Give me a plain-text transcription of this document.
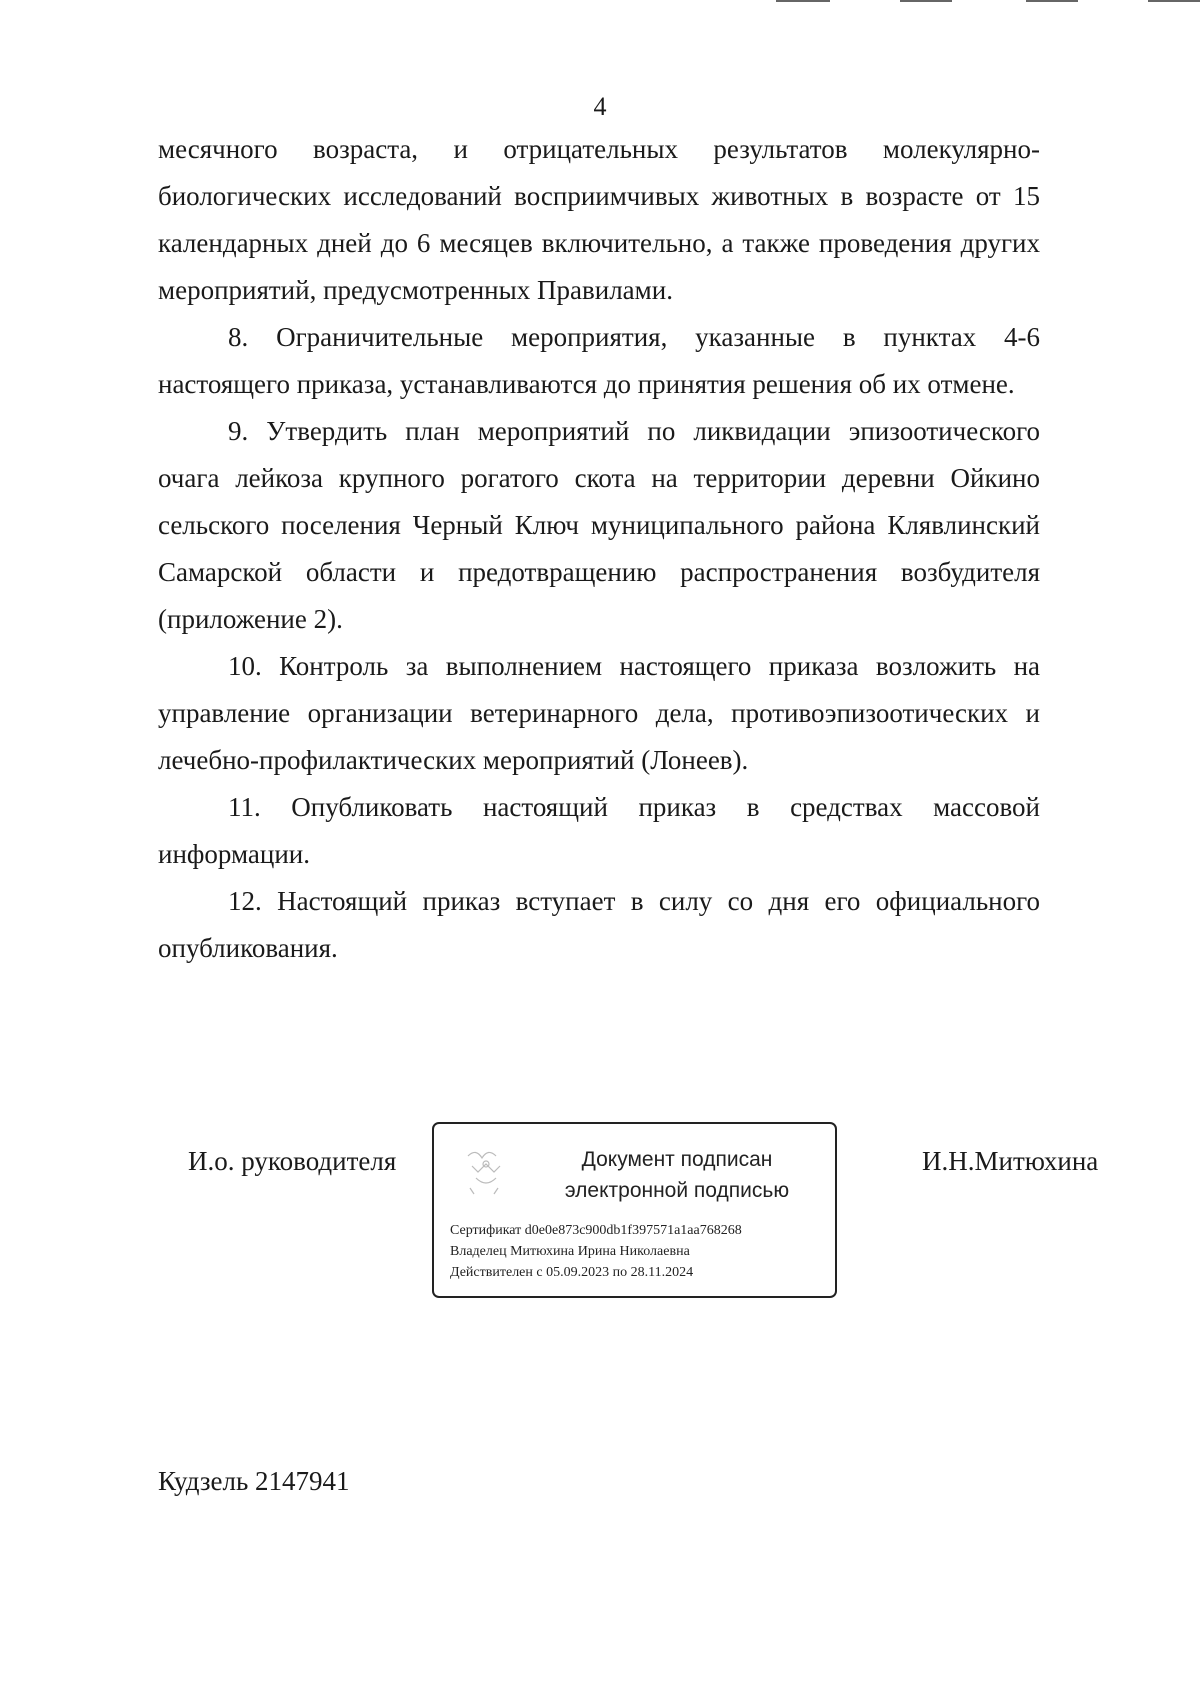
4

месячного возраста, и отрицательных результатов молекулярно-биологических исследований восприимчивых животных в возрасте от 15 календарных дней до 6 месяцев включительно, а также проведения других мероприятий, предусмотренных Правилами.

8. Ограничительные мероприятия, указанные в пунктах 4-6 настоящего приказа, устанавливаются до принятия решения об их отмене.

9. Утвердить план мероприятий по ликвидации эпизоотического очага лейкоза крупного рогатого скота на территории деревни Ойкино сельского поселения Черный Ключ муниципального района Клявлинский Самарской области и предотвращению распространения возбудителя (приложение 2).

10. Контроль за выполнением настоящего приказа возложить на управление организации ветеринарного дела, противоэпизоотических и лечебно-профилактических мероприятий (Лонеев).

11. Опубликовать настоящий приказ в средствах массовой информации.

12. Настоящий приказ вступает в силу со дня его официального опубликования.

И.о. руководителя	Документ подписан
электронной подписью
Сертификат d0e0e873c900db1f397571a1aa768268
Владелец Митюхина Ирина Николаевна
Действителен с 05.09.2023 по 28.11.2024
И.Н.Митюхина
Кудзель 2147941
